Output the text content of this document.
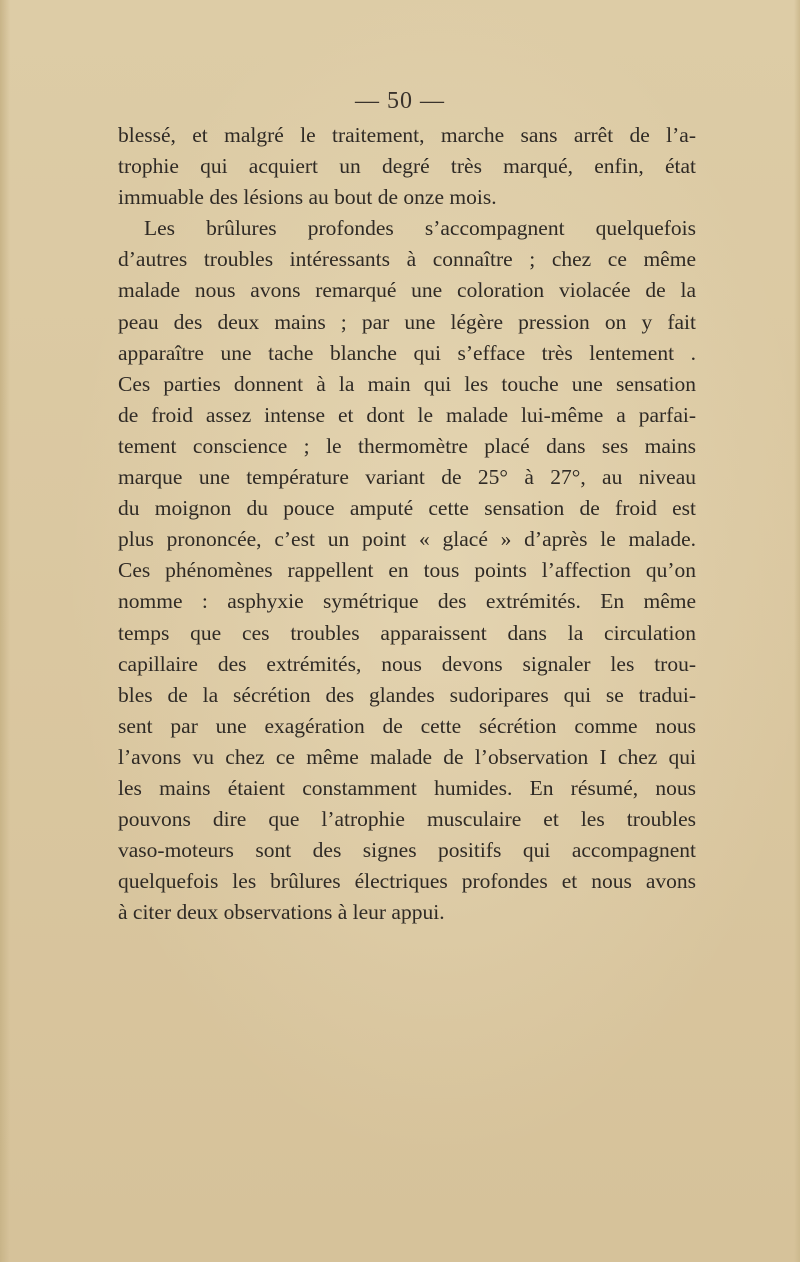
— 50 —

blessé, et malgré le traitement, marche sans arrêt de l’a-
trophie qui acquiert un degré très marqué, enfin, état
immuable des lésions au bout de onze mois.
Les brûlures profondes s’accompagnent quelquefois
d’autres troubles intéressants à connaître ; chez ce même
malade nous avons remarqué une coloration violacée de la
peau des deux mains ; par une légère pression on y fait
apparaître une tache blanche qui s’efface très lentement .
Ces parties donnent à la main qui les touche une sensation
de froid assez intense et dont le malade lui-même a parfai-
tement conscience ; le thermomètre placé dans ses mains
marque une température variant de 25° à 27°, au niveau
du moignon du pouce amputé cette sensation de froid est
plus prononcée, c’est un point « glacé » d’après le malade.
Ces phénomènes rappellent en tous points l’affection qu’on
nomme : asphyxie symétrique des extrémités. En même
temps que ces troubles apparaissent dans la circulation
capillaire des extrémités, nous devons signaler les trou-
bles de la sécrétion des glandes sudoripares qui se tradui-
sent par une exagération de cette sécrétion comme nous
l’avons vu chez ce même malade de l’observation I chez qui
les mains étaient constamment humides. En résumé, nous
pouvons dire que l’atrophie musculaire et les troubles
vaso-moteurs sont des signes positifs qui accompagnent
quelquefois les brûlures électriques profondes et nous avons
à citer deux observations à leur appui.
